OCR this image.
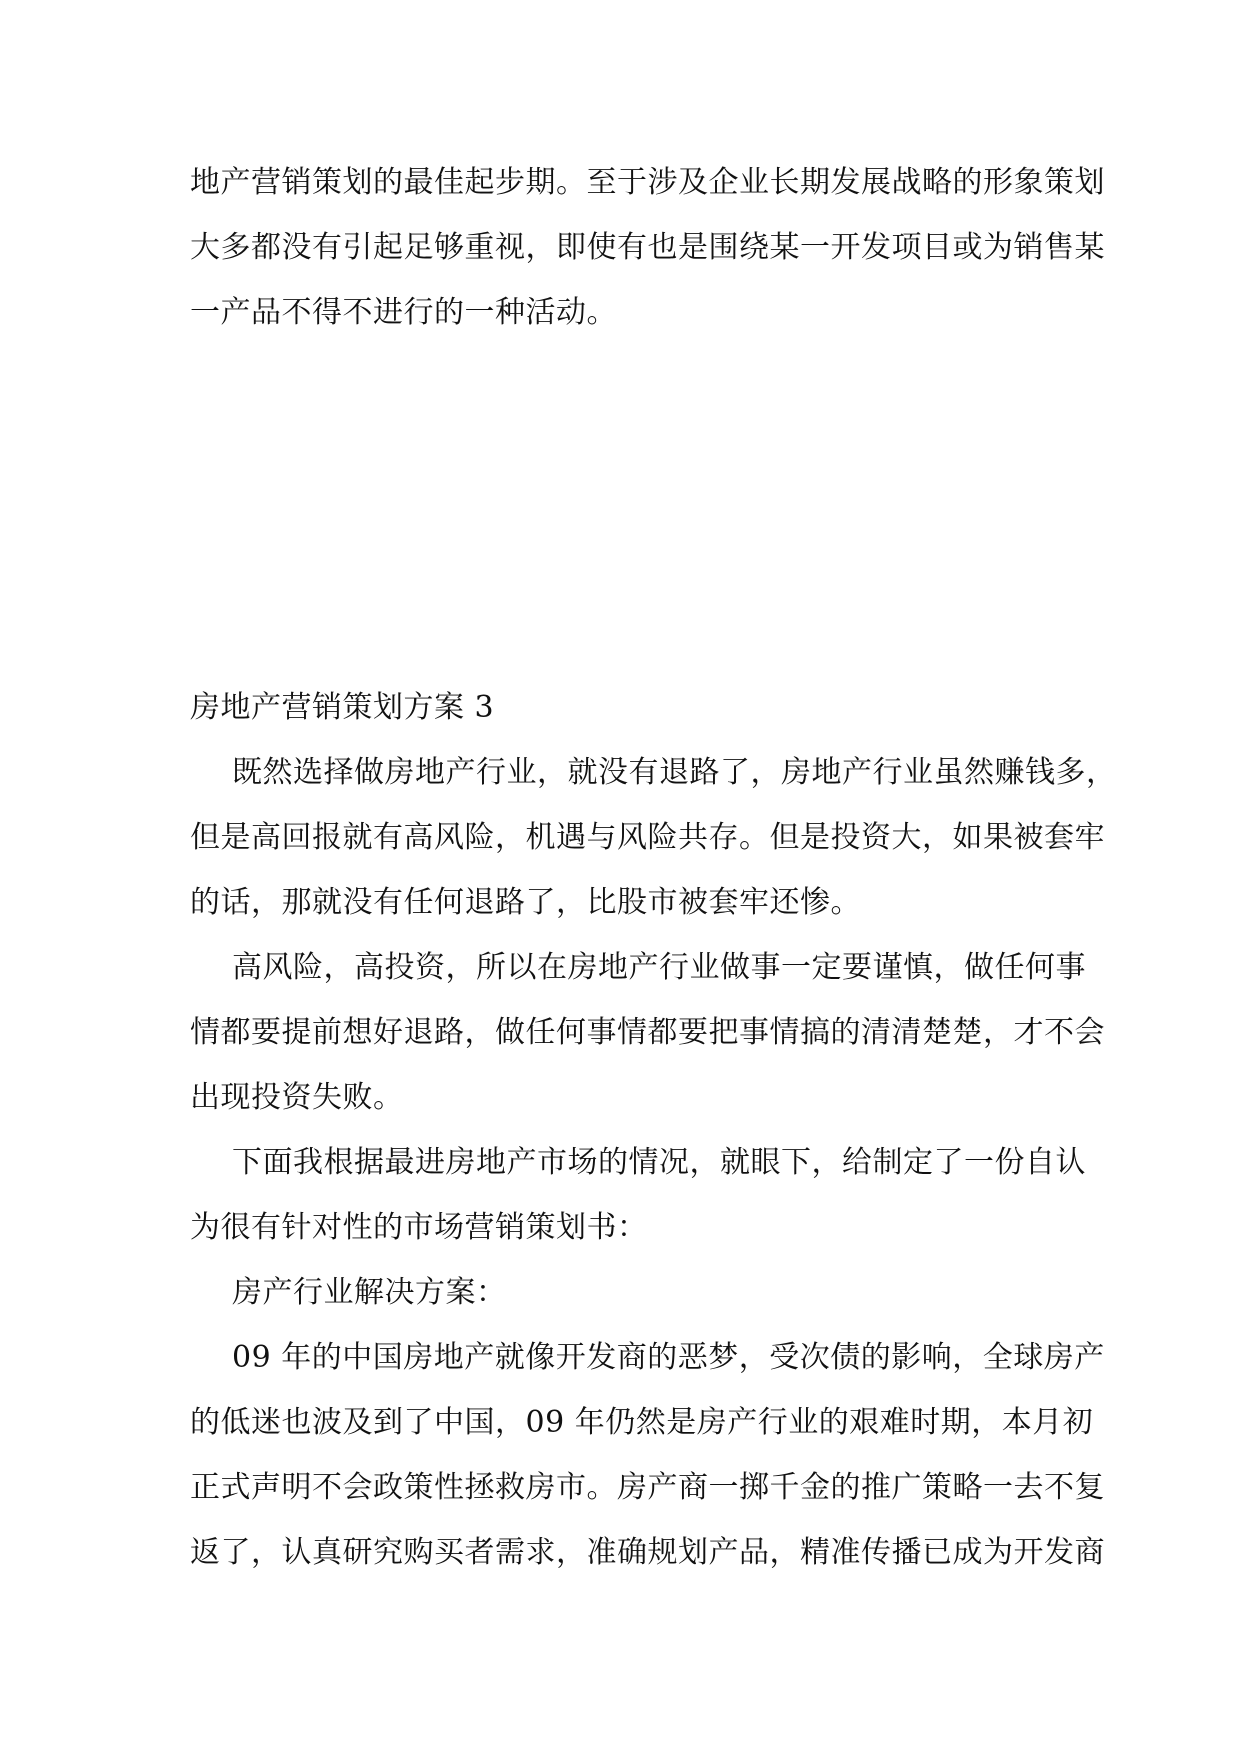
地产营销策划的最佳起步期。至于涉及企业长期发展战略的形象策划

大多都没有引起足够重视，即使有也是围绕某一开发项目或为销售某

一产品不得不进行的一种活动。

房地产营销策划方案 3

既然选择做房地产行业，就没有退路了，房地产行业虽然赚钱多，

但是高回报就有高风险，机遇与风险共存。但是投资大，如果被套牢

的话，那就没有任何退路了，比股市被套牢还惨。

高风险，高投资，所以在房地产行业做事一定要谨慎，做任何事

情都要提前想好退路，做任何事情都要把事情搞的清清楚楚，才不会

出现投资失败。

下面我根据最进房地产市场的情况，就眼下，给制定了一份自认

为很有针对性的市场营销策划书：

房产行业解决方案：

09 年的中国房地产就像开发商的恶梦，受次债的影响，全球房产

的低迷也波及到了中国，09 年仍然是房产行业的艰难时期，本月初

正式声明不会政策性拯救房市。房产商一掷千金的推广策略一去不复

返了，认真研究购买者需求，准确规划产品，精准传播已成为开发商
